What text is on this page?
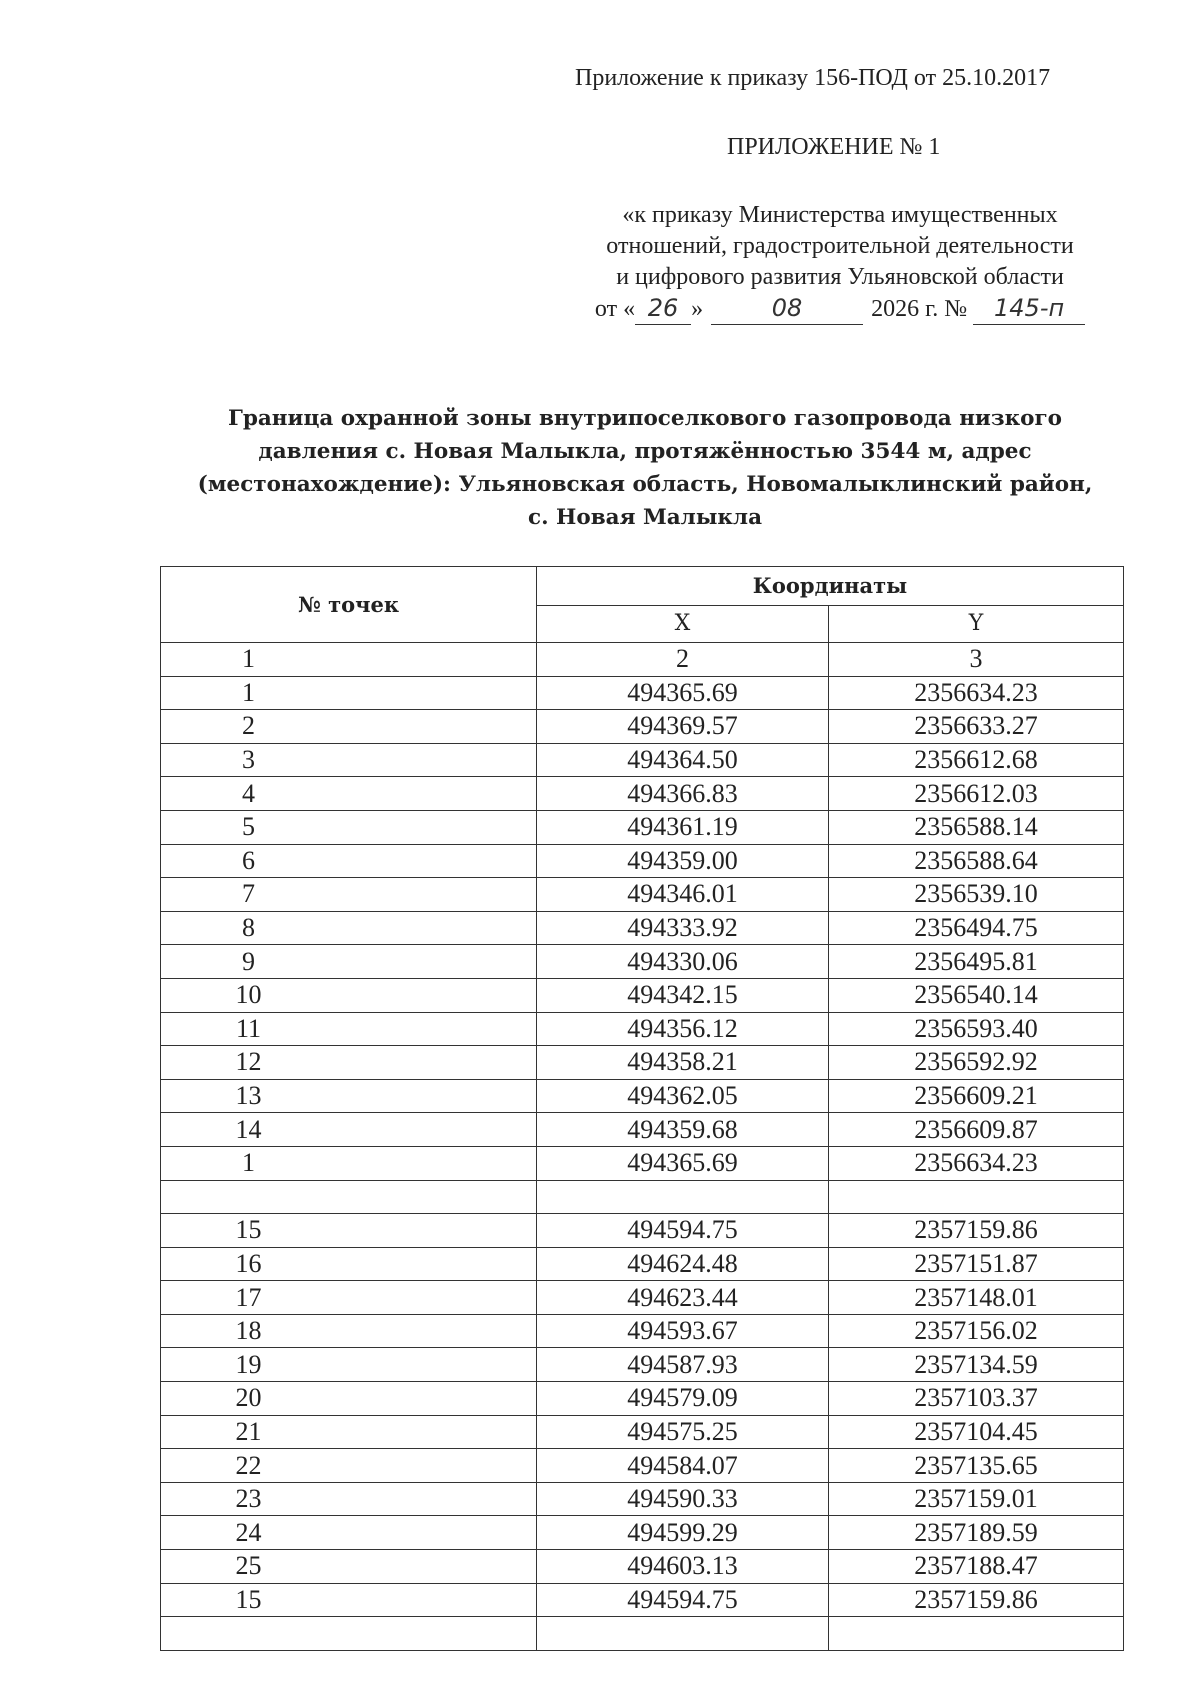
Приложение к приказу 156-ПОД от 25.10.2017
ПРИЛОЖЕНИЕ № 1
«к приказу Министерства имущественных
отношений, градостроительной деятельности
и цифрового развития Ульяновской области
от « 26 »	08	2026 г. № 145-п
Граница охранной зоны внутрипоселкового газопровода низкого
давления с. Новая Малыкла, протяжённостью 3544 м, адрес
(местонахождение): Ульяновская область, Новомалыклинский район,
с. Новая Малыкла
№ точек	Координаты	
	X	Y
1	2	3
1	494365.69	2356634.23
2	494369.57	2356633.27
3	494364.50	2356612.68
4	494366.83	2356612.03
5	494361.19	2356588.14
6	494359.00	2356588.64
7	494346.01	2356539.10
8	494333.92	2356494.75
9	494330.06	2356495.81
10	494342.15	2356540.14
11	494356.12	2356593.40
12	494358.21	2356592.92
13	494362.05	2356609.21
14	494359.68	2356609.87
1	494365.69	2356634.23

15	494594.75	2357159.86
16	494624.48	2357151.87
17	494623.44	2357148.01
18	494593.67	2357156.02
19	494587.93	2357134.59
20	494579.09	2357103.37
21	494575.25	2357104.45
22	494584.07	2357135.65
23	494590.33	2357159.01
24	494599.29	2357189.59
25	494603.13	2357188.47
15	494594.75	2357159.86
